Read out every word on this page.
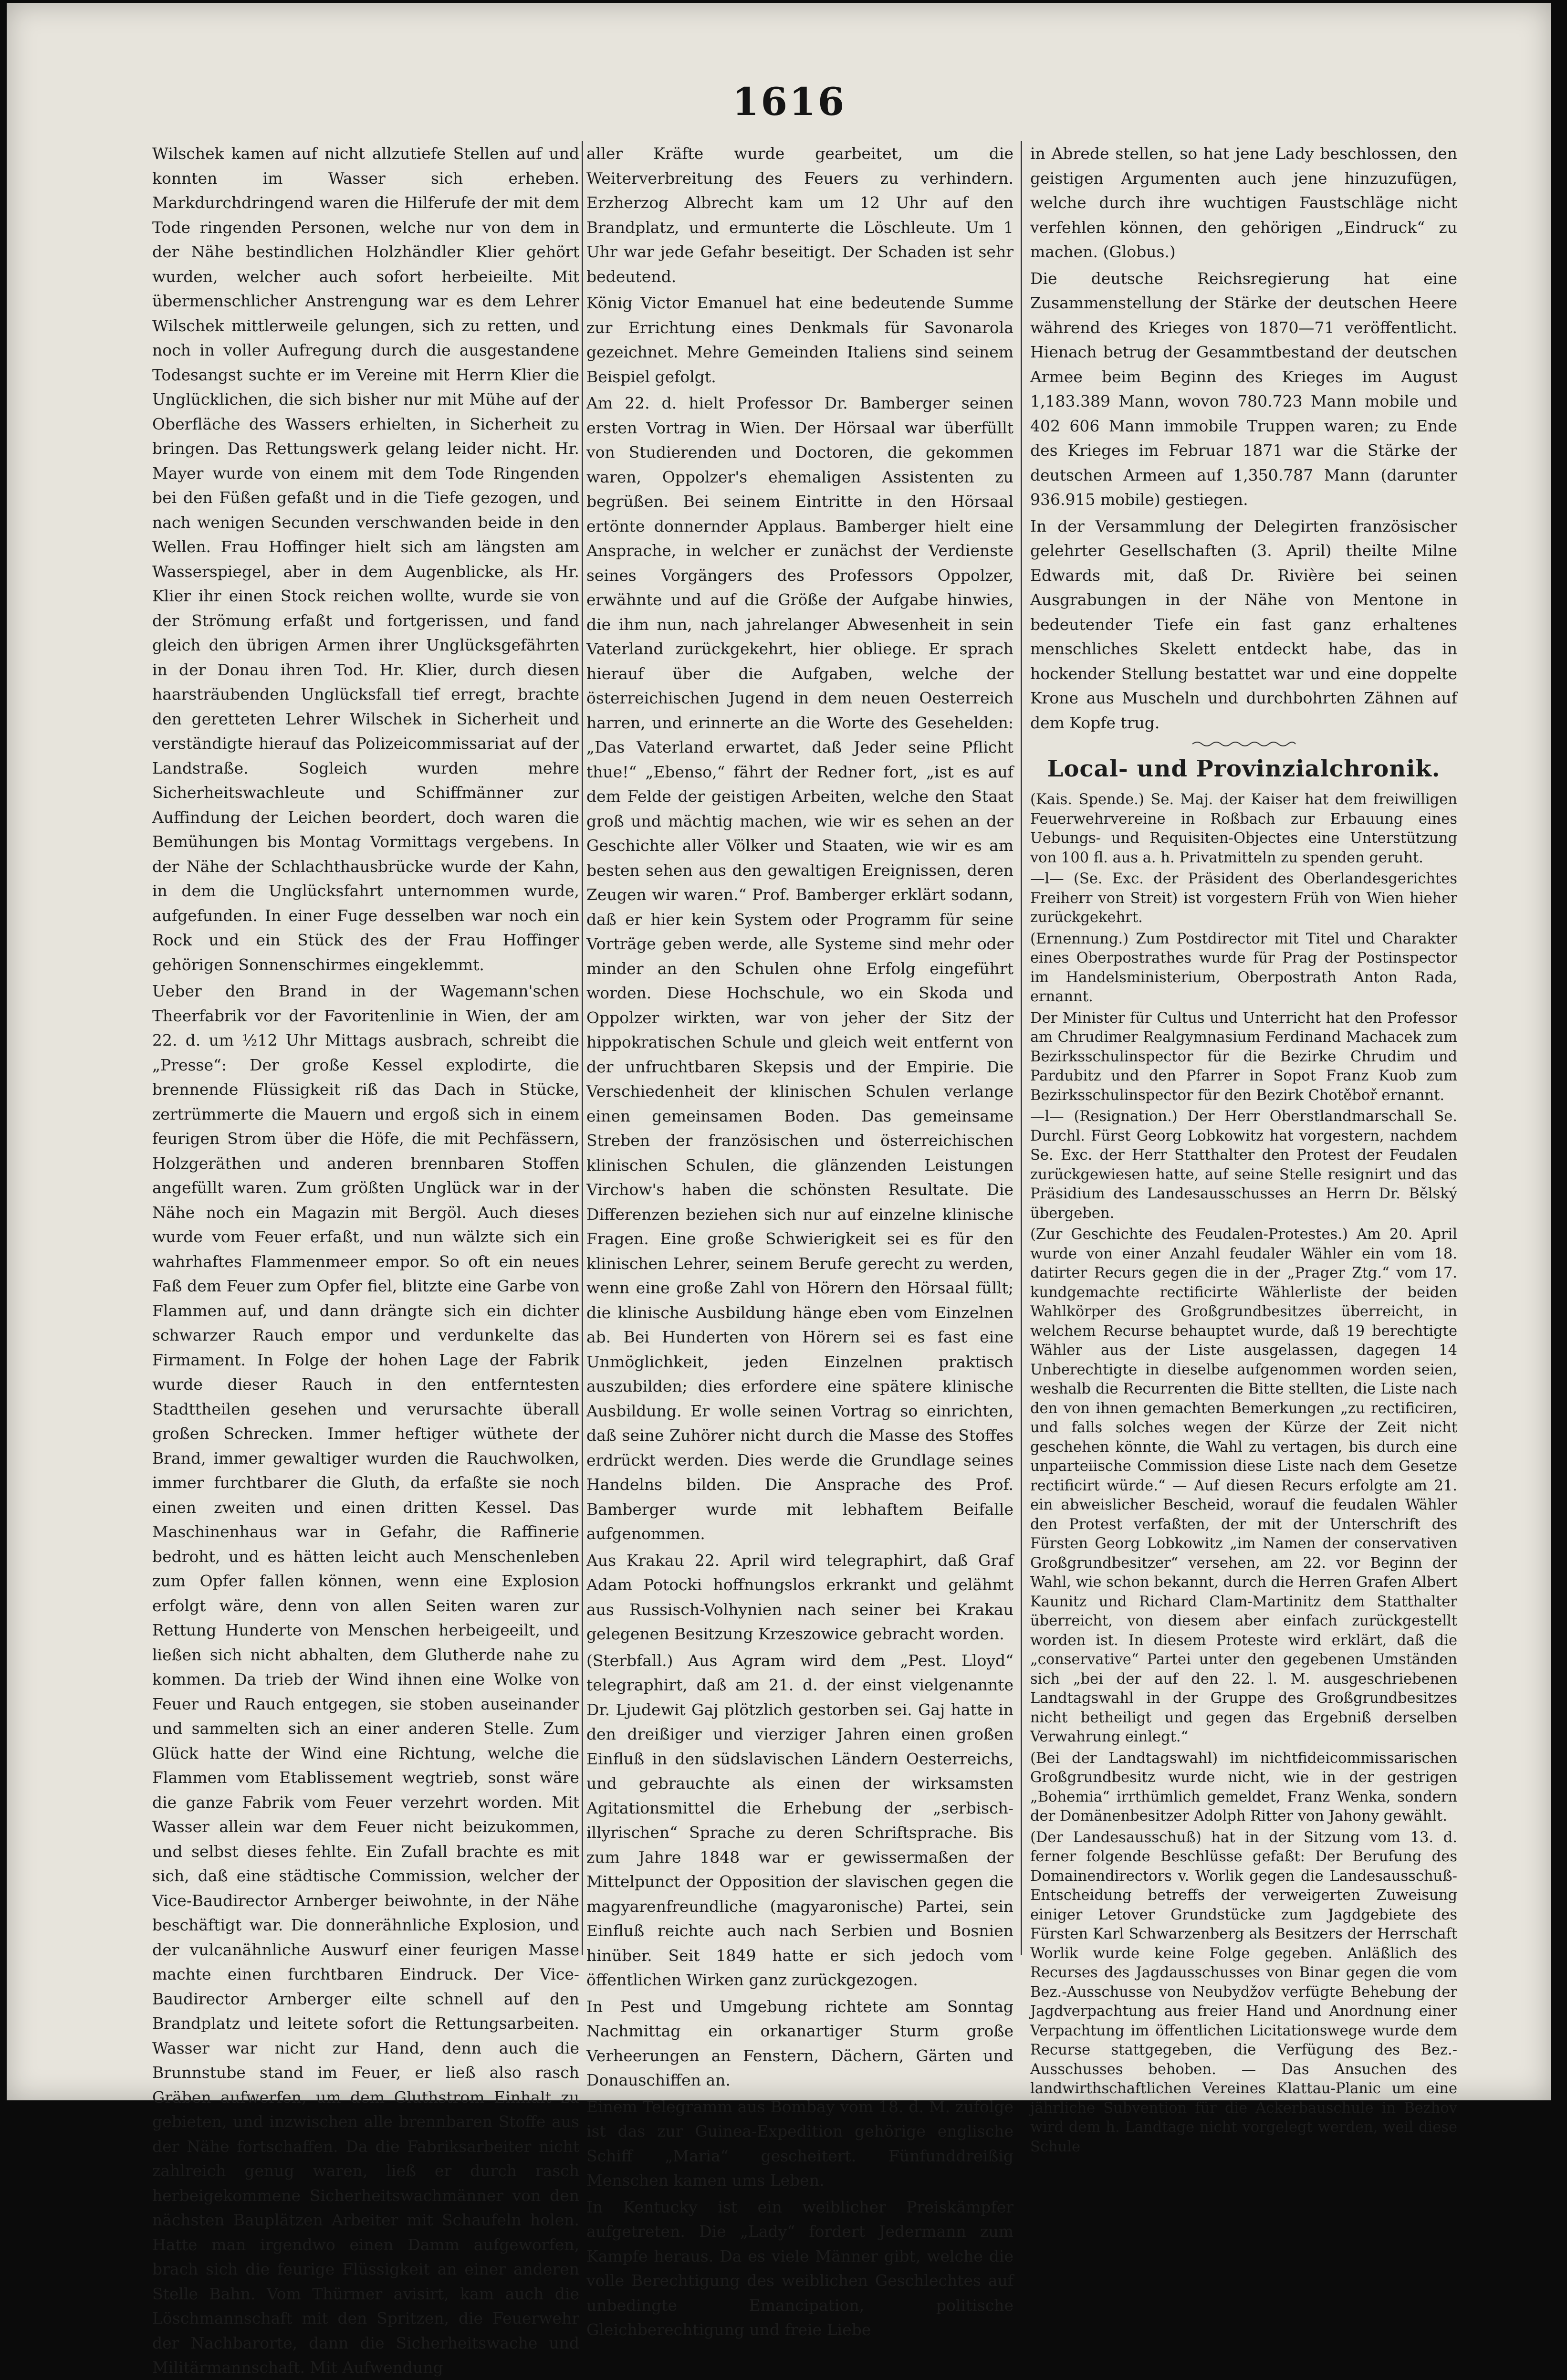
1616

Wilschek kamen auf nicht allzutiefe Stellen auf und konnten im Wasser sich erheben. Markdurchdringend waren die Hilferufe der mit dem Tode ringenden Personen, welche nur von dem in der Nähe bestindlichen Holzhändler Klier gehört wurden, welcher auch sofort herbeieilte. Mit übermenschlicher Anstrengung war es dem Lehrer Wilschek mittlerweile gelungen, sich zu retten, und noch in voller Aufregung durch die ausgestandene Todesangst suchte er im Vereine mit Herrn Klier die Unglücklichen, die sich bisher nur mit Mühe auf der Oberfläche des Wassers erhielten, in Sicherheit zu bringen. Das Rettungswerk gelang leider nicht. Hr. Mayer wurde von einem mit dem Tode Ringenden bei den Füßen gefaßt und in die Tiefe gezogen, und nach wenigen Secunden verschwanden beide in den Wellen. Frau Hoffinger hielt sich am längsten am Wasserspiegel, aber in dem Augenblicke, als Hr. Klier ihr einen Stock reichen wollte, wurde sie von der Strömung erfaßt und fortgerissen, und fand gleich den übrigen Armen ihrer Unglücksgefährten in der Donau ihren Tod. Hr. Klier, durch diesen haarsträubenden Unglücksfall tief erregt, brachte den geretteten Lehrer Wilschek in Sicherheit und verständigte hierauf das Polizeicommissariat auf der Landstraße. Sogleich wurden mehre Sicherheitswachleute und Schiffmänner zur Auffindung der Leichen beordert, doch waren die Bemühungen bis Montag Vormittags vergebens. In der Nähe der Schlachthausbrücke wurde der Kahn, in dem die Unglücksfahrt unternommen wurde, aufgefunden. In einer Fuge desselben war noch ein Rock und ein Stück des der Frau Hoffinger gehörigen Sonnenschirmes eingeklemmt.

Ueber den Brand in der Wagemann'schen Theerfabrik vor der Favoritenlinie in Wien, der am 22. d. um ½12 Uhr Mittags ausbrach, schreibt die „Presse“: Der große Kessel explodirte, die brennende Flüssigkeit riß das Dach in Stücke, zertrümmerte die Mauern und ergoß sich in einem feurigen Strom über die Höfe, die mit Pechfässern, Holzgeräthen und anderen brennbaren Stoffen angefüllt waren. Zum größten Unglück war in der Nähe noch ein Magazin mit Bergöl. Auch dieses wurde vom Feuer erfaßt, und nun wälzte sich ein wahrhaftes Flammenmeer empor. So oft ein neues Faß dem Feuer zum Opfer fiel, blitzte eine Garbe von Flammen auf, und dann drängte sich ein dichter schwarzer Rauch empor und verdunkelte das Firmament. In Folge der hohen Lage der Fabrik wurde dieser Rauch in den entferntesten Stadttheilen gesehen und verursachte überall großen Schrecken. Immer heftiger wüthete der Brand, immer gewaltiger wurden die Rauchwolken, immer furchtbarer die Gluth, da erfaßte sie noch einen zweiten und einen dritten Kessel. Das Maschinenhaus war in Gefahr, die Raffinerie bedroht, und es hätten leicht auch Menschenleben zum Opfer fallen können, wenn eine Explosion erfolgt wäre, denn von allen Seiten waren zur Rettung Hunderte von Menschen herbeigeeilt, und ließen sich nicht abhalten, dem Glutherde nahe zu kommen. Da trieb der Wind ihnen eine Wolke von Feuer und Rauch entgegen, sie stoben auseinander und sammelten sich an einer anderen Stelle. Zum Glück hatte der Wind eine Richtung, welche die Flammen vom Etablissement wegtrieb, sonst wäre die ganze Fabrik vom Feuer verzehrt worden. Mit Wasser allein war dem Feuer nicht beizukommen, und selbst dieses fehlte. Ein Zufall brachte es mit sich, daß eine städtische Commission, welcher der Vice-Baudirector Arnberger beiwohnte, in der Nähe beschäftigt war. Die donnerähnliche Explosion, und der vulcanähnliche Auswurf einer feurigen Masse machte einen furchtbaren Eindruck. Der Vice-Baudirector Arnberger eilte schnell auf den Brandplatz und leitete sofort die Rettungsarbeiten. Wasser war nicht zur Hand, denn auch die Brunnstube stand im Feuer, er ließ also rasch Gräben aufwerfen, um dem Gluthstrom Einhalt zu gebieten, und inzwischen alle brennbaren Stoffe aus der Nähe fortschaffen. Da die Fabriksarbeiter nicht zahlreich genug waren, ließ er durch rasch herbeigekommene Sicherheitswachmänner von den nächsten Bauplätzen Arbeiter mit Schaufeln holen. Hatte man irgendwo einen Damm aufgeworfen, brach sich die feurige Flüssigkeit an einer anderen Stelle Bahn. Vom Thürmer avisirt, kam auch die Löschmannschaft mit den Spritzen, die Feuerwehr der Nachbarorte, dann die Sicherheitswache und Militärmannschaft. Mit Aufwendung

aller Kräfte wurde gearbeitet, um die Weiterverbreitung des Feuers zu verhindern. Erzherzog Albrecht kam um 12 Uhr auf den Brandplatz, und ermunterte die Löschleute. Um 1 Uhr war jede Gefahr beseitigt. Der Schaden ist sehr bedeutend.

König Victor Emanuel hat eine bedeutende Summe zur Errichtung eines Denkmals für Savonarola gezeichnet. Mehre Gemeinden Italiens sind seinem Beispiel gefolgt.

Am 22. d. hielt Professor Dr. Bamberger seinen ersten Vortrag in Wien. Der Hörsaal war überfüllt von Studierenden und Doctoren, die gekommen waren, Oppolzer's ehemaligen Assistenten zu begrüßen. Bei seinem Eintritte in den Hörsaal ertönte donnernder Applaus. Bamberger hielt eine Ansprache, in welcher er zunächst der Verdienste seines Vorgängers des Professors Oppolzer, erwähnte und auf die Größe der Aufgabe hinwies, die ihm nun, nach jahrelanger Abwesenheit in sein Vaterland zurückgekehrt, hier obliege. Er sprach hierauf über die Aufgaben, welche der österreichischen Jugend in dem neuen Oesterreich harren, und erinnerte an die Worte des Gesehelden: „Das Vaterland erwartet, daß Jeder seine Pflicht thue!“ „Ebenso,“ fährt der Redner fort, „ist es auf dem Felde der geistigen Arbeiten, welche den Staat groß und mächtig machen, wie wir es sehen an der Geschichte aller Völker und Staaten, wie wir es am besten sehen aus den gewaltigen Ereignissen, deren Zeugen wir waren.“ Prof. Bamberger erklärt sodann, daß er hier kein System oder Programm für seine Vorträge geben werde, alle Systeme sind mehr oder minder an den Schulen ohne Erfolg eingeführt worden. Diese Hochschule, wo ein Skoda und Oppolzer wirkten, war von jeher der Sitz der hippokratischen Schule und gleich weit entfernt von der unfruchtbaren Skepsis und der Empirie. Die Verschiedenheit der klinischen Schulen verlange einen gemeinsamen Boden. Das gemeinsame Streben der französischen und österreichischen klinischen Schulen, die glänzenden Leistungen Virchow's haben die schönsten Resultate. Die Differenzen beziehen sich nur auf einzelne klinische Fragen. Eine große Schwierigkeit sei es für den klinischen Lehrer, seinem Berufe gerecht zu werden, wenn eine große Zahl von Hörern den Hörsaal füllt; die klinische Ausbildung hänge eben vom Einzelnen ab. Bei Hunderten von Hörern sei es fast eine Unmöglichkeit, jeden Einzelnen praktisch auszubilden; dies erfordere eine spätere klinische Ausbildung. Er wolle seinen Vortrag so einrichten, daß seine Zuhörer nicht durch die Masse des Stoffes erdrückt werden. Dies werde die Grundlage seines Handelns bilden. Die Ansprache des Prof. Bamberger wurde mit lebhaftem Beifalle aufgenommen.

Aus Krakau 22. April wird telegraphirt, daß Graf Adam Potocki hoffnungslos erkrankt und gelähmt aus Russisch-Volhynien nach seiner bei Krakau gelegenen Besitzung Krzeszowice gebracht worden.

(Sterbfall.) Aus Agram wird dem „Pest. Lloyd“ telegraphirt, daß am 21. d. der einst vielgenannte Dr. Ljudewit Gaj plötzlich gestorben sei. Gaj hatte in den dreißiger und vierziger Jahren einen großen Einfluß in den südslavischen Ländern Oesterreichs, und gebrauchte als einen der wirksamsten Agitationsmittel die Erhebung der „serbisch-illyrischen“ Sprache zu deren Schriftsprache. Bis zum Jahre 1848 war er gewissermaßen der Mittelpunct der Opposition der slavischen gegen die magyarenfreundliche (magyaronische) Partei, sein Einfluß reichte auch nach Serbien und Bosnien hinüber. Seit 1849 hatte er sich jedoch vom öffentlichen Wirken ganz zurückgezogen.

In Pest und Umgebung richtete am Sonntag Nachmittag ein orkanartiger Sturm große Verheerungen an Fenstern, Dächern, Gärten und Donauschiffen an.

Einem Telegramm aus Bombay vom 18. d. M. zufolge ist das zur Guinea-Expedition gehörige englische Schiff „Maria“ gescheitert. Fünfunddreißig Menschen kamen ums Leben.

In Kentucky ist ein weiblicher Preiskämpfer aufgetreten. Die „Lady“ fordert Jedermann zum Kampfe heraus. Da es viele Männer gibt, welche die volle Berechtigung des weiblichen Geschlechtes auf unbedingte Emancipation, politische Gleichberechtigung und freie Liebe

in Abrede stellen, so hat jene Lady beschlossen, den geistigen Argumenten auch jene hinzuzufügen, welche durch ihre wuchtigen Faustschläge nicht verfehlen können, den gehörigen „Eindruck“ zu machen. (Globus.)

Die deutsche Reichsregierung hat eine Zusammenstellung der Stärke der deutschen Heere während des Krieges von 1870—71 veröffentlicht. Hienach betrug der Gesammtbestand der deutschen Armee beim Beginn des Krieges im August 1,183.389 Mann, wovon 780.723 Mann mobile und 402 606 Mann immobile Truppen waren; zu Ende des Krieges im Februar 1871 war die Stärke der deutschen Armeen auf 1,350.787 Mann (darunter 936.915 mobile) gestiegen.

In der Versammlung der Delegirten französischer gelehrter Gesellschaften (3. April) theilte Milne Edwards mit, daß Dr. Rivière bei seinen Ausgrabungen in der Nähe von Mentone in bedeutender Tiefe ein fast ganz erhaltenes menschliches Skelett entdeckt habe, das in hockender Stellung bestattet war und eine doppelte Krone aus Muscheln und durchbohrten Zähnen auf dem Kopfe trug.

Local- und Provinzialchronik.

(Kais. Spende.) Se. Maj. der Kaiser hat dem freiwilligen Feuerwehrvereine in Roßbach zur Erbauung eines Uebungs- und Requisiten-Objectes eine Unterstützung von 100 fl. aus a. h. Privatmitteln zu spenden geruht.

—l— (Se. Exc. der Präsident des Oberlandesgerichtes Freiherr von Streit) ist vorgestern Früh von Wien hieher zurückgekehrt.

(Ernennung.) Zum Postdirector mit Titel und Charakter eines Oberpostrathes wurde für Prag der Postinspector im Handelsministerium, Oberpostrath Anton Rada, ernannt.

Der Minister für Cultus und Unterricht hat den Professor am Chrudimer Realgymnasium Ferdinand Machacek zum Bezirksschulinspector für die Bezirke Chrudim und Pardubitz und den Pfarrer in Sopot Franz Kuob zum Bezirksschulinspector für den Bezirk Chotěboř ernannt.

—l— (Resignation.) Der Herr Oberstlandmarschall Se. Durchl. Fürst Georg Lobkowitz hat vorgestern, nachdem Se. Exc. der Herr Statthalter den Protest der Feudalen zurückgewiesen hatte, auf seine Stelle resignirt und das Präsidium des Landesausschusses an Herrn Dr. Bělský übergeben.

(Zur Geschichte des Feudalen-Protestes.) Am 20. April wurde von einer Anzahl feudaler Wähler ein vom 18. datirter Recurs gegen die in der „Prager Ztg.“ vom 17. kundgemachte rectificirte Wählerliste der beiden Wahlkörper des Großgrundbesitzes überreicht, in welchem Recurse behauptet wurde, daß 19 berechtigte Wähler aus der Liste ausgelassen, dagegen 14 Unberechtigte in dieselbe aufgenommen worden seien, weshalb die Recurrenten die Bitte stellten, die Liste nach den von ihnen gemachten Bemerkungen „zu rectificiren, und falls solches wegen der Kürze der Zeit nicht geschehen könnte, die Wahl zu vertagen, bis durch eine unparteiische Commission diese Liste nach dem Gesetze rectificirt würde.“ — Auf diesen Recurs erfolgte am 21. ein abweislicher Bescheid, worauf die feudalen Wähler den Protest verfaßten, der mit der Unterschrift des Fürsten Georg Lobkowitz „im Namen der conservativen Großgrundbesitzer“ versehen, am 22. vor Beginn der Wahl, wie schon bekannt, durch die Herren Grafen Albert Kaunitz und Richard Clam-Martinitz dem Statthalter überreicht, von diesem aber einfach zurückgestellt worden ist. In diesem Proteste wird erklärt, daß die „conservative“ Partei unter den gegebenen Umständen sich „bei der auf den 22. l. M. ausgeschriebenen Landtagswahl in der Gruppe des Großgrundbesitzes nicht betheiligt und gegen das Ergebniß derselben Verwahrung einlegt.“

(Bei der Landtagswahl) im nichtfideicommissarischen Großgrundbesitz wurde nicht, wie in der gestrigen „Bohemia“ irrthümlich gemeldet, Franz Wenka, sondern der Domänenbesitzer Adolph Ritter von Jahony gewählt.

(Der Landesausschuß) hat in der Sitzung vom 13. d. ferner folgende Beschlüsse gefaßt: Der Berufung des Domainendirectors v. Worlik gegen die Landesausschuß-Entscheidung betreffs der verweigerten Zuweisung einiger Letover Grundstücke zum Jagdgebiete des Fürsten Karl Schwarzenberg als Besitzers der Herrschaft Worlik wurde keine Folge gegeben. Anläßlich des Recurses des Jagdausschusses von Binar gegen die vom Bez.-Ausschusse von Neubydžov verfügte Behebung der Jagdverpachtung aus freier Hand und Anordnung einer Verpachtung im öffentlichen Licitationswege wurde dem Recurse stattgegeben, die Verfügung des Bez.-Ausschusses behoben. — Das Ansuchen des landwirthschaftlichen Vereines Klattau-Planic um eine jährliche Subvention für die Ackerbauschule in Bezhov wird dem h. Landtage nicht vorgelegt werden, weil diese Schule
